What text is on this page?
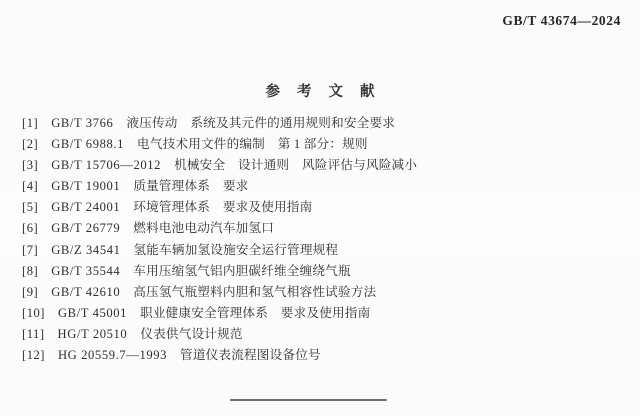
GB/T 43674—2024
参考文献
[1] GB/T 3766 液压传动　系统及其元件的通用规则和安全要求
[2] GB/T 6988.1 电气技术用文件的编制　第 1 部分：规则
[3] GB/T 15706—2012 机械安全　设计通则　风险评估与风险减小
[4] GB/T 19001 质量管理体系　要求
[5] GB/T 24001 环境管理体系　要求及使用指南
[6] GB/T 26779 燃料电池电动汽车加氢口
[7] GB/Z 34541 氢能车辆加氢设施安全运行管理规程
[8] GB/T 35544 车用压缩氢气铝内胆碳纤维全缠绕气瓶
[9] GB/T 42610 高压氢气瓶塑料内胆和氢气相容性试验方法
[10] GB/T 45001 职业健康安全管理体系　要求及使用指南
[11] HG/T 20510 仪表供气设计规范
[12] HG 20559.7—1993 管道仪表流程图设备位号
